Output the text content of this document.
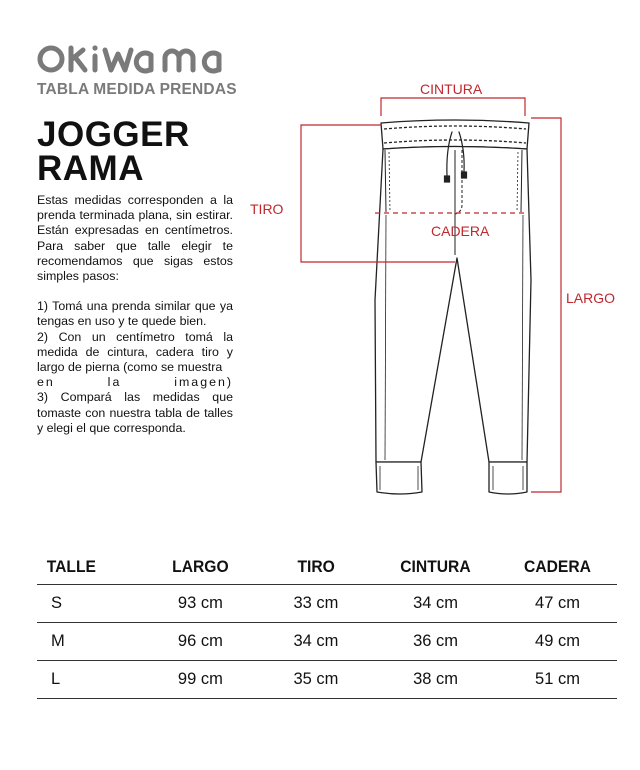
TABLA MEDIDA PRENDAS
JOGGER
RAMA

Estas medidas corresponden a la prenda terminada plana, sin estirar. Están expresadas en centímetros. Para saber que talle elegir te recomendamos que sigas estos simples pasos:

1) Tomá una prenda similar que ya tengas en uso y te quede bien.

2) Con un centímetro tomá la medida de cintura, cadera tiro y largo de pierna (como se muestra

en la imagen)

3) Compará las medidas que tomaste con nuestra tabla de talles y elegi el que corresponda.

CINTURA
TIRO
CADERA
LARGO
TALLE	LARGO	TIRO	CINTURA	CADERA
S	93 cm	33 cm	34 cm	47 cm
M	96 cm	34 cm	36 cm	49 cm
L	99 cm	35 cm	38 cm	51 cm
